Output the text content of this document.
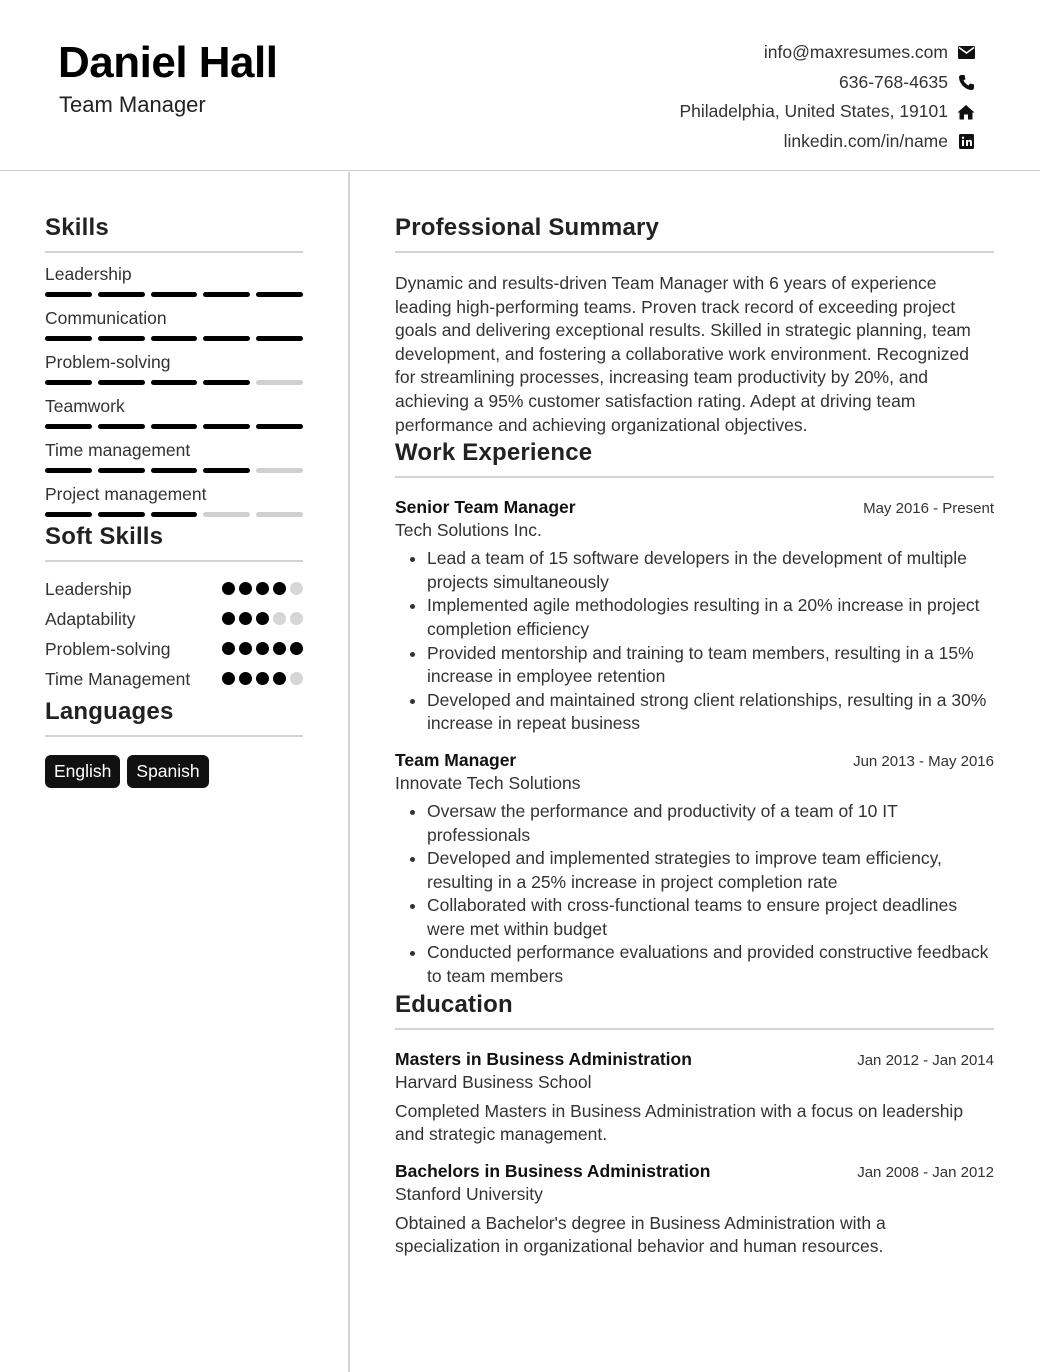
Daniel Hall
Team Manager
info@maxresumes.com
636-768-4635
Philadelphia, United States, 19101
linkedin.com/in/name
Skills
Leadership
Communication
Problem-solving
Teamwork
Time management
Project management
Soft Skills
Leadership
Adaptability
Problem-solving
Time Management
Languages
English	Spanish
Professional Summary

Dynamic and results-driven Team Manager with 6 years of experience leading high-performing teams. Proven track record of exceeding project goals and delivering exceptional results. Skilled in strategic planning, team development, and fostering a collaborative work environment. Recognized for streamlining processes, increasing team productivity by 20%, and achieving a 95% customer satisfaction rating. Adept at driving team performance and achieving organizational objectives.

Work Experience
Senior Team Manager	May 2016 - Present
Tech Solutions Inc.
• Lead a team of 15 software developers in the development of multiple projects simultaneously
• Implemented agile methodologies resulting in a 20% increase in project completion efficiency
• Provided mentorship and training to team members, resulting in a 15% increase in employee retention
• Developed and maintained strong client relationships, resulting in a 30% increase in repeat business
Team Manager	Jun 2013 - May 2016
Innovate Tech Solutions
• Oversaw the performance and productivity of a team of 10 IT professionals
• Developed and implemented strategies to improve team efficiency, resulting in a 25% increase in project completion rate
• Collaborated with cross-functional teams to ensure project deadlines were met within budget
• Conducted performance evaluations and provided constructive feedback to team members
Education
Masters in Business Administration	Jan 2012 - Jan 2014
Harvard Business School

Completed Masters in Business Administration with a focus on leadership and strategic management.

Bachelors in Business Administration	Jan 2008 - Jan 2012
Stanford University

Obtained a Bachelor's degree in Business Administration with a specialization in organizational behavior and human resources.
